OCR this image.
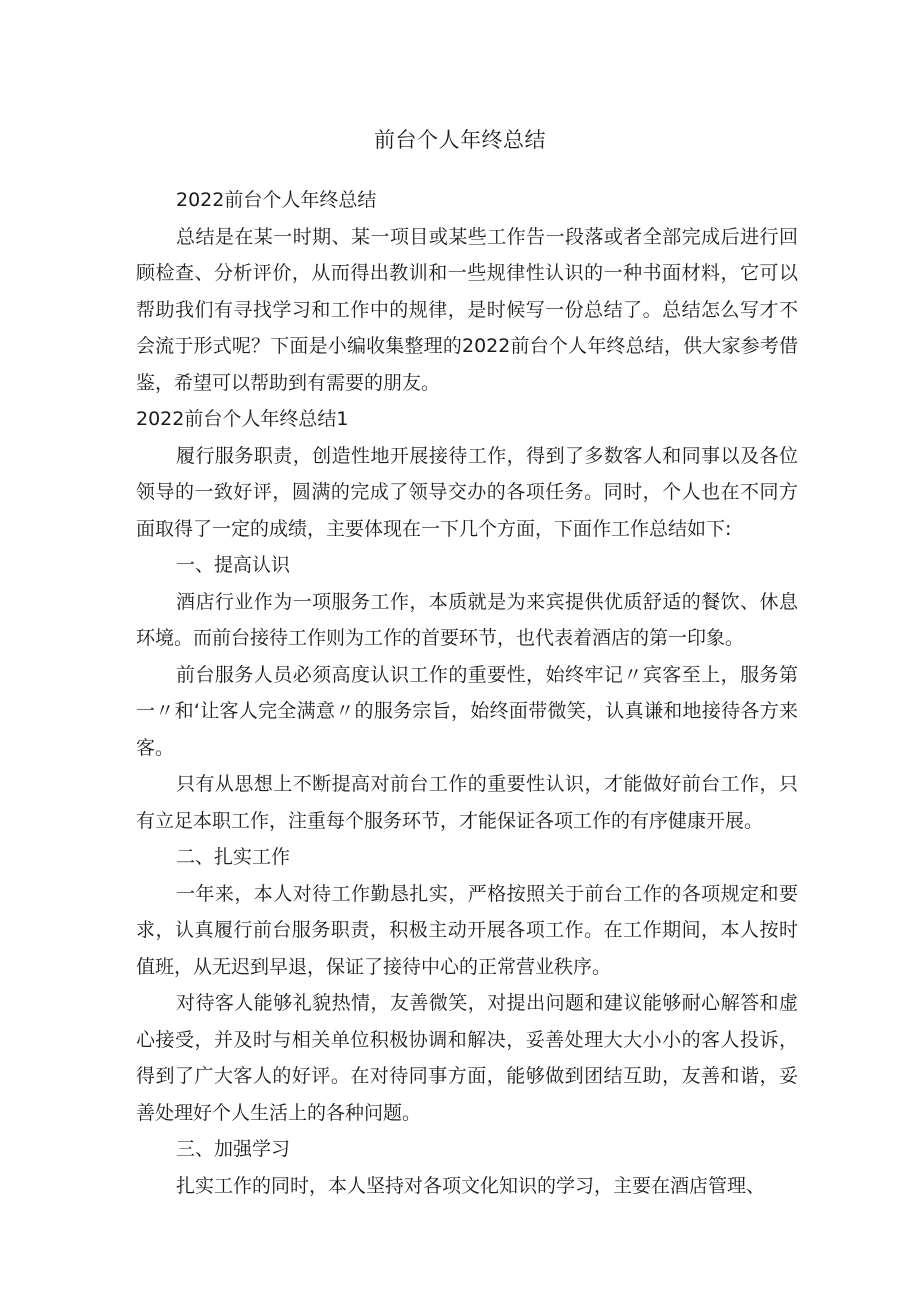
前台个人年终总结

2022前台个人年终总结

总结是在某一时期、某一项目或某些工作告一段落或者全部完成后进行回顾检查、分析评价，从而得出教训和一些规律性认识的一种书面材料，它可以帮助我们有寻找学习和工作中的规律，是时候写一份总结了。总结怎么写才不会流于形式呢？下面是小编收集整理的2022前台个人年终总结，供大家参考借鉴，希望可以帮助到有需要的朋友。

2022前台个人年终总结1

履行服务职责，创造性地开展接待工作，得到了多数客人和同事以及各位领导的一致好评，圆满的完成了领导交办的各项任务。同时，个人也在不同方面取得了一定的成绩，主要体现在一下几个方面，下面作工作总结如下:

一、提高认识

酒店行业作为一项服务工作，本质就是为来宾提供优质舒适的餐饮、休息环境。而前台接待工作则为工作的首要环节，也代表着酒店的第一印象。

前台服务人员必须高度认识工作的重要性，始终牢记〃宾客至上，服务第一〃和‘让客人完全满意〃的服务宗旨，始终面带微笑，认真谦和地接待各方来客。

只有从思想上不断提高对前台工作的重要性认识，才能做好前台工作，只有立足本职工作，注重每个服务环节，才能保证各项工作的有序健康开展。

二、扎实工作

一年来，本人对待工作勤恳扎实，严格按照关于前台工作的各项规定和要求，认真履行前台服务职责，积极主动开展各项工作。在工作期间，本人按时值班，从无迟到早退，保证了接待中心的正常营业秩序。

对待客人能够礼貌热情，友善微笑，对提出问题和建议能够耐心解答和虚心接受，并及时与相关单位积极协调和解决，妥善处理大大小小的客人投诉，得到了广大客人的好评。在对待同事方面，能够做到团结互助，友善和谐，妥善处理好个人生活上的各种问题。

三、加强学习

扎实工作的同时，本人坚持对各项文化知识的学习，主要在酒店管理、
